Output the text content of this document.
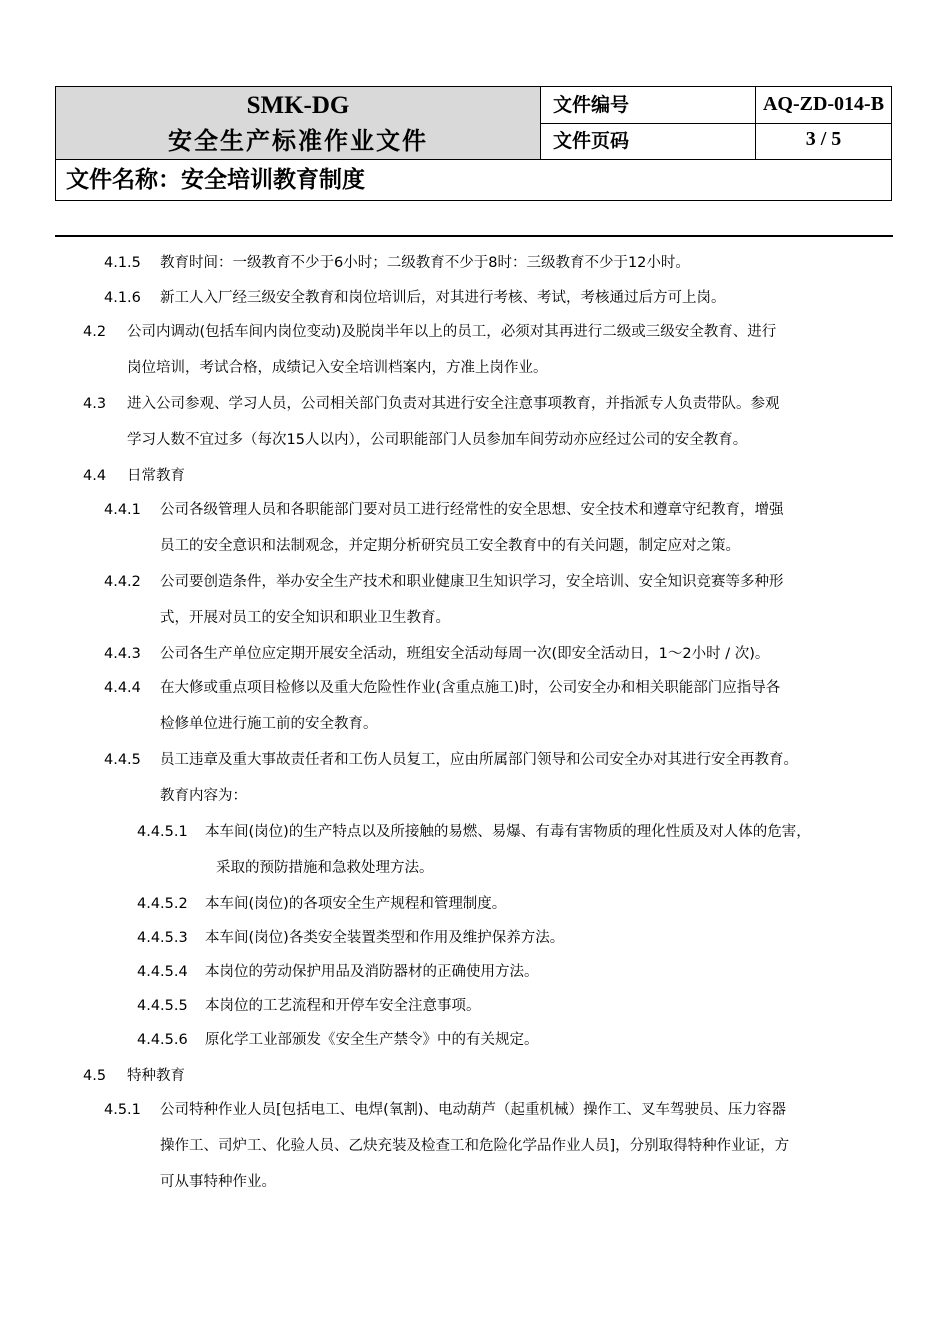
SMK-DG
安全生产标准作业文件
文件编号	AQ-ZD-014-B
文件页码	3 / 5
文件名称：安全培训教育制度
4.1.5 教育时间：一级教育不少于6小时；二级教育不少于8时：三级教育不少于12小时。
4.1.6 新工人入厂经三级安全教育和岗位培训后，对其进行考核、考试，考核通过后方可上岗。
4.2 公司内调动(包括车间内岗位变动)及脱岗半年以上的员工，必须对其再进行二级或三级安全教育、进行
岗位培训，考试合格，成绩记入安全培训档案内，方准上岗作业。
4.3 进入公司参观、学习人员，公司相关部门负责对其进行安全注意事项教育，并指派专人负责带队。参观
学习人数不宜过多（每次15人以内），公司职能部门人员参加车间劳动亦应经过公司的安全教育。
4.4 日常教育
4.4.1 公司各级管理人员和各职能部门要对员工进行经常性的安全思想、安全技术和遵章守纪教育，增强
员工的安全意识和法制观念，并定期分析研究员工安全教育中的有关问题，制定应对之策。
4.4.2 公司要创造条件，举办安全生产技术和职业健康卫生知识学习，安全培训、安全知识竞赛等多种形
式，开展对员工的安全知识和职业卫生教育。
4.4.3 公司各生产单位应定期开展安全活动，班组安全活动每周一次(即安全活动日，1～2小时 / 次)。
4.4.4 在大修或重点项目检修以及重大危险性作业(含重点施工)时，公司安全办和相关职能部门应指导各
检修单位进行施工前的安全教育。
4.4.5 员工违章及重大事故责任者和工伤人员复工，应由所属部门领导和公司安全办对其进行安全再教育。
教育内容为：
4.4.5.1 本车间(岗位)的生产特点以及所接触的易燃、易爆、有毒有害物质的理化性质及对人体的危害，
采取的预防措施和急救处理方法。
4.4.5.2 本车间(岗位)的各项安全生产规程和管理制度。
4.4.5.3 本车间(岗位)各类安全装置类型和作用及维护保养方法。
4.4.5.4 本岗位的劳动保护用品及消防器材的正确使用方法。
4.4.5.5 本岗位的工艺流程和开停车安全注意事项。
4.4.5.6 原化学工业部颁发《安全生产禁令》中的有关规定。
4.5 特种教育
4.5.1 公司特种作业人员[包括电工、电焊(氧割)、电动葫芦（起重机械）操作工、叉车驾驶员、压力容器
操作工、司炉工、化验人员、乙炔充装及检查工和危险化学品作业人员]，分别取得特种作业证，方
可从事特种作业。
